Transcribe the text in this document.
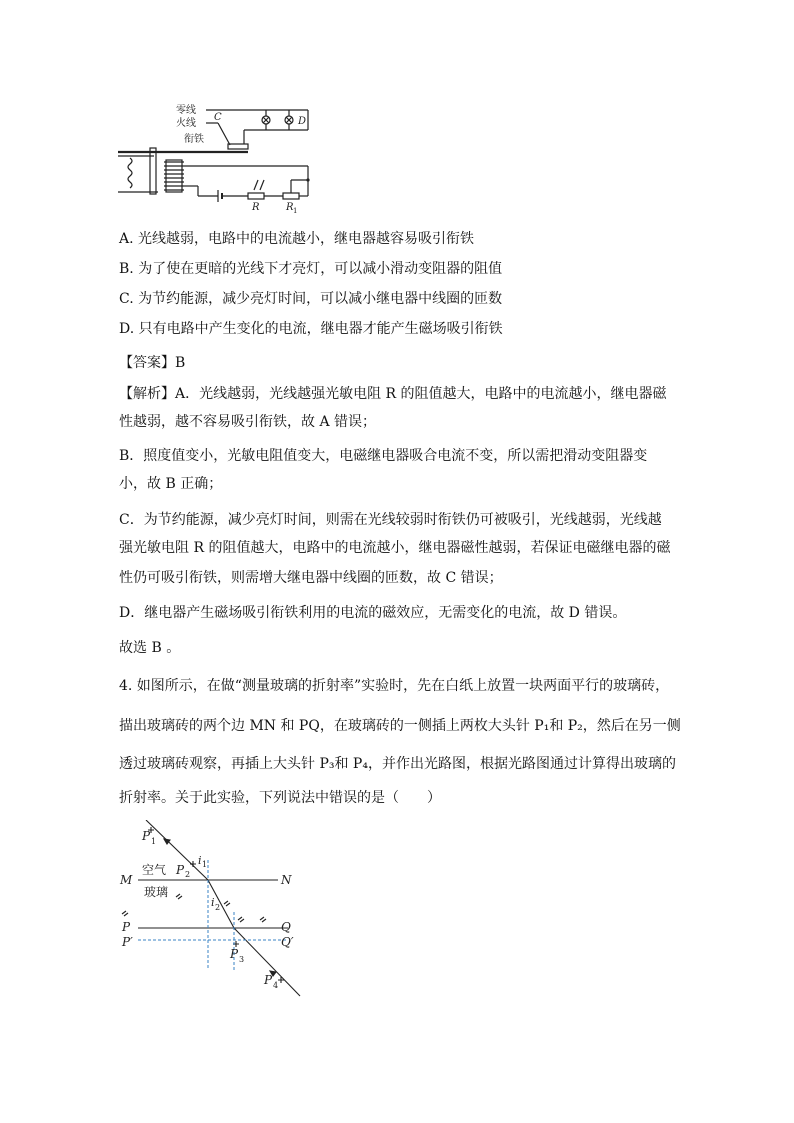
零线
火线
衔铁
C	D
R	R 1
A. 光线越弱，电路中的电流越小，继电器越容易吸引衔铁
B. 为了使在更暗的光线下才亮灯，可以减小滑动变阻器的阻值
C. 为节约能源，减少亮灯时间，可以减小继电器中线圈的匝数
D. 只有电路中产生变化的电流，继电器才能产生磁场吸引衔铁
【答案】B
【解析】A．光线越弱，光线越强光敏电阻 R 的阻值越大，电路中的电流越小，继电器磁
性越弱，越不容易吸引衔铁，故 A 错误；
B．照度值变小，光敏电阻值变大，电磁继电器吸合电流不变，所以需把滑动变阻器变
小，故 B 正确；
C．为节约能源，减少亮灯时间，则需在光线较弱时衔铁仍可被吸引，光线越弱，光线越
强光敏电阻 R 的阻值越大，电路中的电流越小，继电器磁性越弱，若保证电磁继电器的磁
性仍可吸引衔铁，则需增大继电器中线圈的匝数，故 C 错误；
D．继电器产生磁场吸引衔铁利用的电流的磁效应，无需变化的电流，故 D 错误。
故选 B 。
4. 如图所示，在做“测量玻璃的折射率”实验时，先在白纸上放置一块两面平行的玻璃砖，
描出玻璃砖的两个边 MN 和 PQ，在玻璃砖的一侧插上两枚大头针 P₁和 P₂，然后在另一侧
透过玻璃砖观察，再插上大头针 P₃和 P₄，并作出光路图，根据光路图通过计算得出玻璃的
折射率。关于此实验，下列说法中错误的是（　　）
P 1
P 2
i 1
i 2
空气
玻璃
M	N
P	Q
P′	Q′
P 3
P 4
